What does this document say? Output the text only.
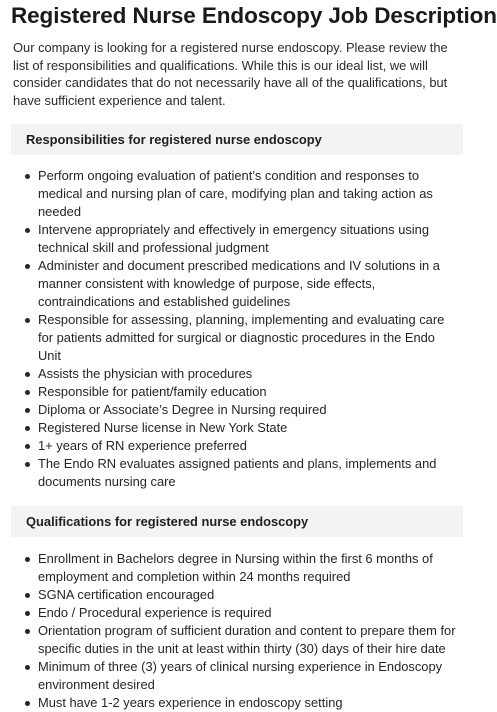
Registered Nurse Endoscopy Job Description

Our company is looking for a registered nurse endoscopy. Please review the list of responsibilities and qualifications. While this is our ideal list, we will consider candidates that do not necessarily have all of the qualifications, but have sufficient experience and talent.

Responsibilities for registered nurse endoscopy
Perform ongoing evaluation of patient’s condition and responses to medical and nursing plan of care, modifying plan and taking action as needed
Intervene appropriately and effectively in emergency situations using technical skill and professional judgment
Administer and document prescribed medications and IV solutions in a manner consistent with knowledge of purpose, side effects, contraindications and established guidelines
Responsible for assessing, planning, implementing and evaluating care for patients admitted for surgical or diagnostic procedures in the Endo Unit
Assists the physician with procedures
Responsible for patient/family education
Diploma or Associate’s Degree in Nursing required
Registered Nurse license in New York State
1+ years of RN experience preferred
The Endo RN evaluates assigned patients and plans, implements and documents nursing care
Qualifications for registered nurse endoscopy
Enrollment in Bachelors degree in Nursing within the first 6 months of employment and completion within 24 months required
SGNA certification encouraged
Endo / Procedural experience is required
Orientation program of sufficient duration and content to prepare them for specific duties in the unit at least within thirty (30) days of their hire date
Minimum of three (3) years of clinical nursing experience in Endoscopy environment desired
Must have 1-2 years experience in endoscopy setting
